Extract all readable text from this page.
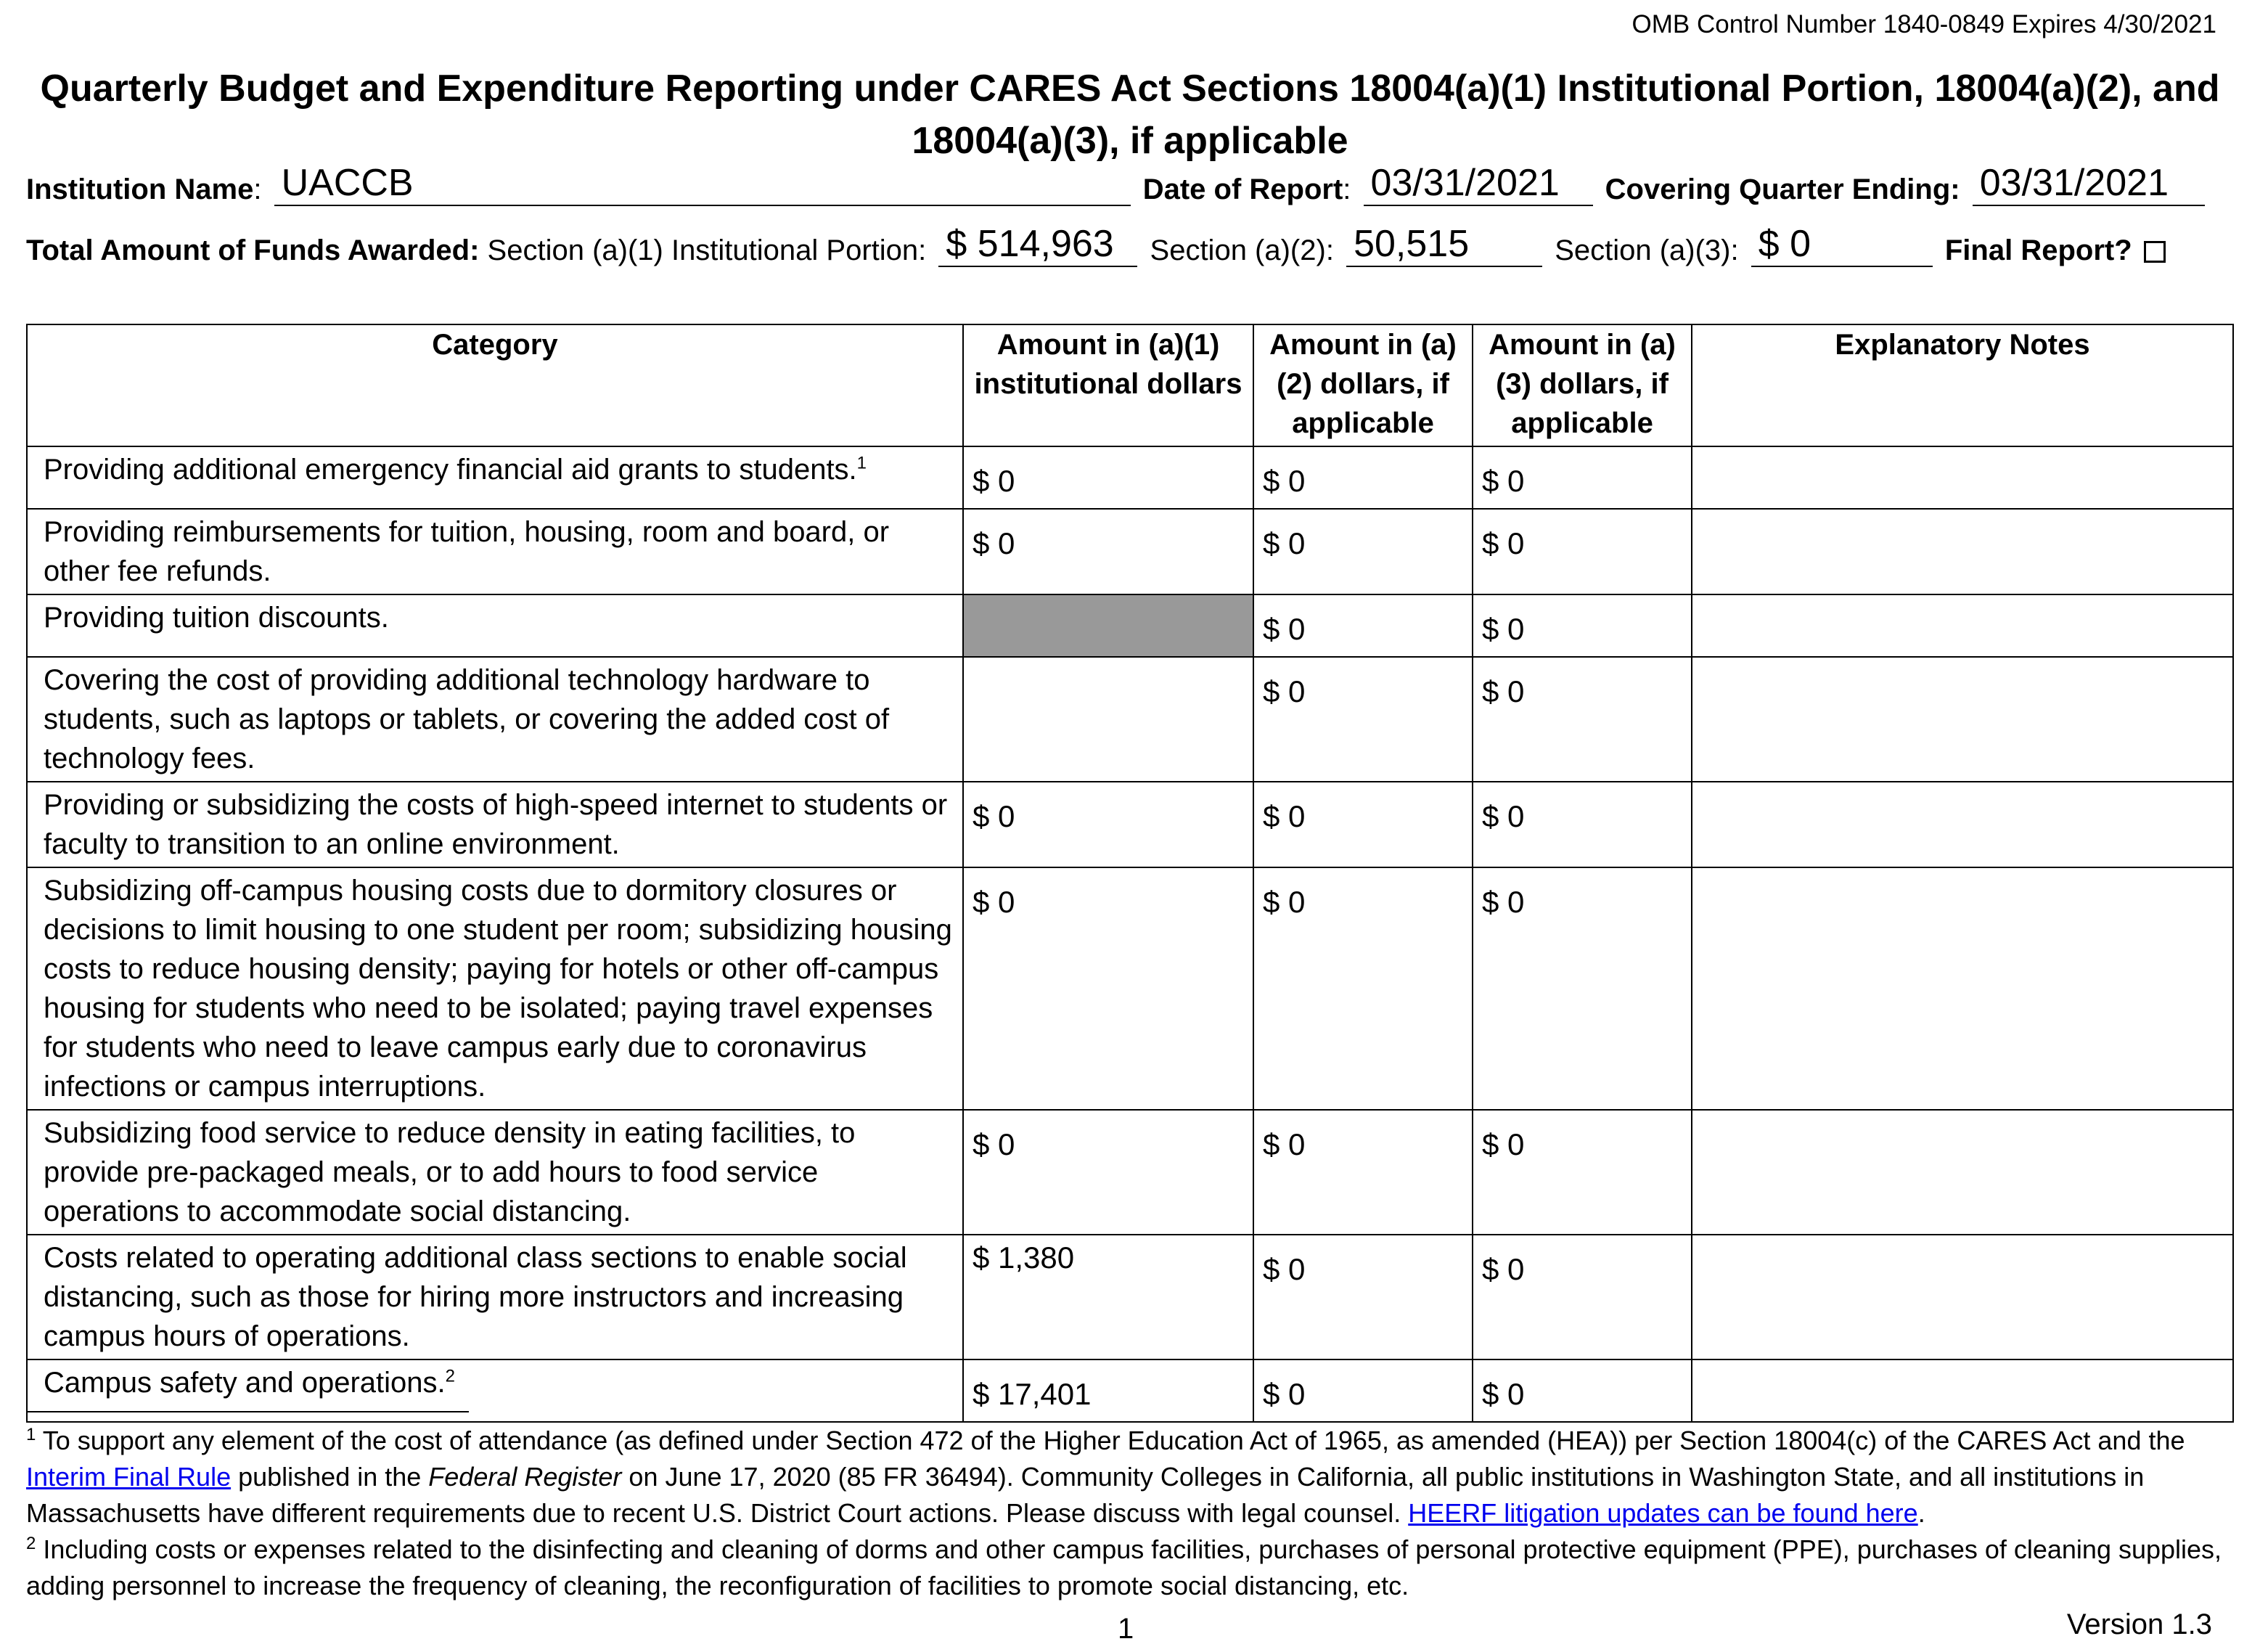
OMB Control Number 1840-0849 Expires 4/30/2021
Quarterly Budget and Expenditure Reporting under CARES Act Sections 18004(a)(1) Institutional Portion, 18004(a)(2), and 18004(a)(3), if applicable
Institution Name: UACCB	Date of Report: 03/31/2021 Covering Quarter Ending: 03/31/2021
Total Amount of Funds Awarded: Section (a)(1) Institutional Portion: $ 514,963 Section (a)(2): 50,515	Section (a)(3): $ 0	Final Report?
Category	Amount in (a)(1) institutional dollars	Amount in (a)(2) dollars, if applicable	Amount in (a)(3) dollars, if applicable	Explanatory Notes
Providing additional emergency financial aid grants to students.$^1$	$ 0	$ 0	$ 0	
Providing reimbursements for tuition, housing, room and board, or other fee refunds.	$ 0	$ 0	$ 0	
Providing tuition discounts.		$ 0	$ 0	
Covering the cost of providing additional technology hardware to students, such as laptops or tablets, or covering the added cost of technology fees.		$ 0	$ 0	
Providing or subsidizing the costs of high-speed internet to students or faculty to transition to an online environment.	$ 0	$ 0	$ 0	
Subsidizing off-campus housing costs due to dormitory closures or decisions to limit housing to one student per room; subsidizing housing costs to reduce housing density; paying for hotels or other off-campus housing for students who need to be isolated; paying travel expenses for students who need to leave campus early due to coronavirus infections or campus interruptions.	$ 0	$ 0	$ 0	
Subsidizing food service to reduce density in eating facilities, to provide pre-packaged meals, or to add hours to food service operations to accommodate social distancing.	$ 0	$ 0	$ 0	
Costs related to operating additional class sections to enable social distancing, such as those for hiring more instructors and increasing campus hours of operations.	$ 1,380	$ 0	$ 0	
Campus safety and operations.$^2$	$ 17,401	$ 0	$ 0	

$^1$ To support any element of the cost of attendance (as defined under Section 472 of the Higher Education Act of 1965, as amended (HEA)) per Section 18004(c) of the CARES Act and the Interim Final Rule published in the Federal Register on June 17, 2020 (85 FR 36494). Community Colleges in California, all public institutions in Washington State, and all institutions in Massachusetts have different requirements due to recent U.S. District Court actions. Please discuss with legal counsel. HEERF litigation updates can be found here.

$^2$ Including costs or expenses related to the disinfecting and cleaning of dorms and other campus facilities, purchases of personal protective equipment (PPE), purchases of cleaning supplies, adding personnel to increase the frequency of cleaning, the reconfiguration of facilities to promote social distancing, etc.

1	Version 1.3
